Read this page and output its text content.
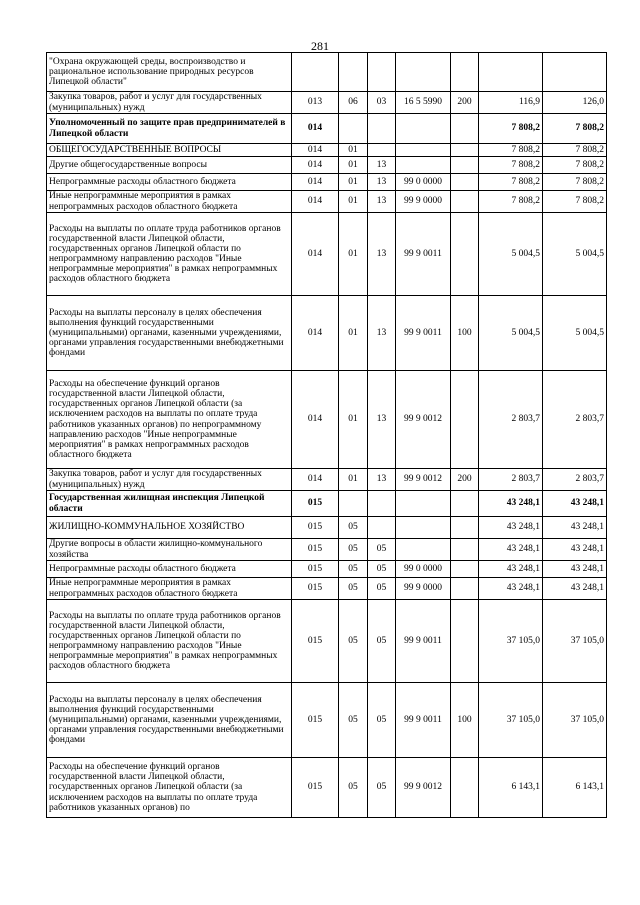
281
"Охрана окружающей среды, воспроизводство и рациональное использование природных ресурсов Липецкой области"							
Закупка товаров, работ и услуг для государственных (муниципальных) нужд	013	06	03	16 5 5990	200	116,9	126,0
Уполномоченный по защите прав предпринимателей в Липецкой области	014					7 808,2	7 808,2
ОБЩЕГОСУДАРСТВЕННЫЕ ВОПРОСЫ	014	01				7 808,2	7 808,2
Другие общегосударственные вопросы	014	01	13			7 808,2	7 808,2
Непрограммные расходы областного бюджета	014	01	13	99 0 0000		7 808,2	7 808,2
Иные непрограммные мероприятия в рамках непрограммных расходов областного бюджета	014	01	13	99 9 0000		7 808,2	7 808,2
Расходы на выплаты по оплате труда работников органов государственной власти Липецкой области, государственных органов Липецкой области по непрограммному направлению расходов "Иные непрограммные мероприятия" в рамках непрограммных расходов областного бюджета	014	01	13	99 9 0011		5 004,5	5 004,5
Расходы на выплаты персоналу в целях обеспечения выполнения функций государственными (муниципальными) органами, казенными учреждениями, органами управления государственными внебюджетными фондами	014	01	13	99 9 0011	100	5 004,5	5 004,5
Расходы на обеспечение функций органов государственной власти Липецкой области, государственных органов Липецкой области (за исключением расходов на выплаты по оплате труда работников указанных органов) по непрограммному направлению расходов "Иные непрограммные мероприятия" в рамках непрограммных расходов областного бюджета	014	01	13	99 9 0012		2 803,7	2 803,7
Закупка товаров, работ и услуг для государственных (муниципальных) нужд	014	01	13	99 9 0012	200	2 803,7	2 803,7
Государственная жилищная инспекция Липецкой области	015					43 248,1	43 248,1
ЖИЛИЩНО-КОММУНАЛЬНОЕ ХОЗЯЙСТВО	015	05				43 248,1	43 248,1
Другие вопросы в области жилищно-коммунального хозяйства	015	05	05			43 248,1	43 248,1
Непрограммные расходы областного бюджета	015	05	05	99 0 0000		43 248,1	43 248,1
Иные непрограммные мероприятия в рамках непрограммных расходов областного бюджета	015	05	05	99 9 0000		43 248,1	43 248,1
Расходы на выплаты по оплате труда работников органов государственной власти Липецкой области, государственных органов Липецкой области по непрограммному направлению расходов "Иные непрограммные мероприятия" в рамках непрограммных расходов областного бюджета	015	05	05	99 9 0011		37 105,0	37 105,0
Расходы на выплаты персоналу в целях обеспечения выполнения функций государственными (муниципальными) органами, казенными учреждениями, органами управления государственными внебюджетными фондами	015	05	05	99 9 0011	100	37 105,0	37 105,0
Расходы на обеспечение функций органов государственной власти Липецкой области, государственных органов Липецкой области (за исключением расходов на выплаты по оплате труда работников указанных органов) по	015	05	05	99 9 0012		6 143,1	6 143,1
